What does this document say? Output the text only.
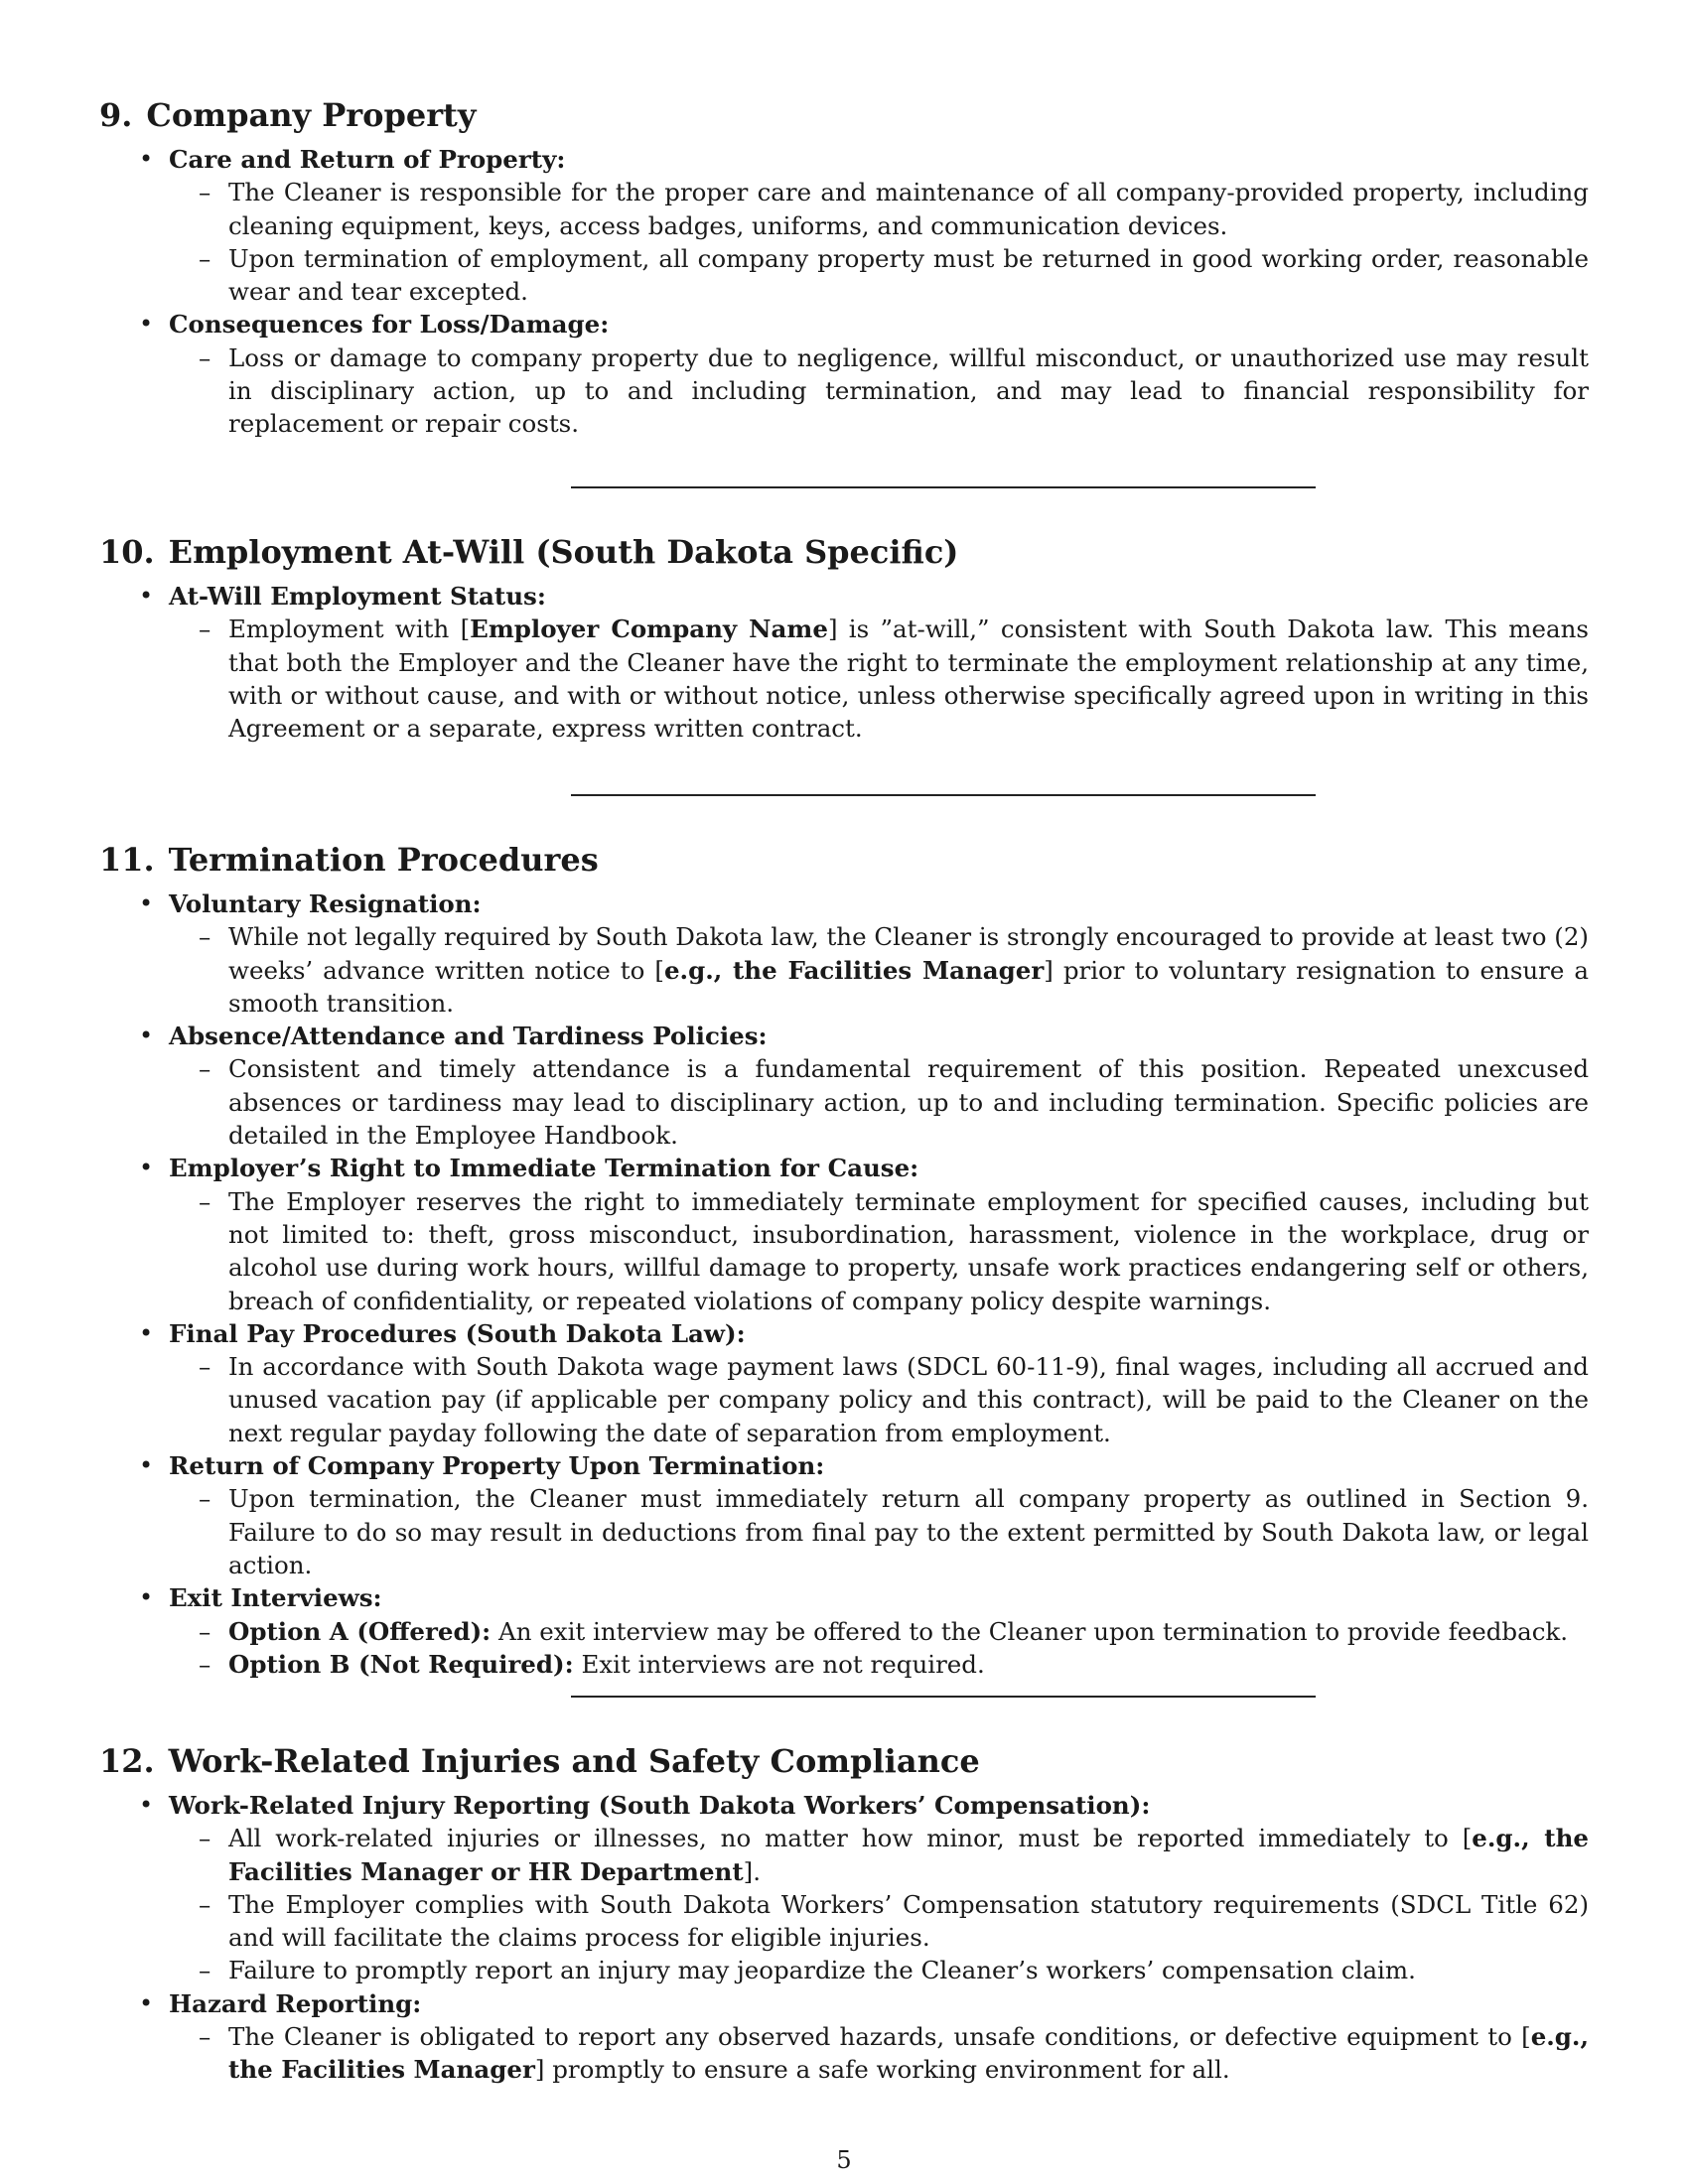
9. Company Property
• Care and Return of Property:
– The Cleaner is responsible for the proper care and maintenance of all company-provided property, including cleaning equipment, keys, access badges, uniforms, and communication devices.
– Upon termination of employment, all company property must be returned in good working order, reasonable wear and tear excepted.
• Consequences for Loss/Damage:
– Loss or damage to company property due to negligence, willful misconduct, or unauthorized use may result in disciplinary action, up to and including termination, and may lead to financial responsibility for replacement or repair costs.
10. Employment At-Will (South Dakota Specific)
• At-Will Employment Status:
– Employment with [Employer Company Name] is ”at-will,” consistent with South Dakota law. This means that both the Employer and the Cleaner have the right to terminate the employment relationship at any time, with or without cause, and with or without notice, unless otherwise specifically agreed upon in writing in this Agreement or a separate, express written contract.
11. Termination Procedures
• Voluntary Resignation:
– While not legally required by South Dakota law, the Cleaner is strongly encouraged to provide at least two (2) weeks’ advance written notice to [e.g., the Facilities Manager] prior to voluntary resignation to ensure a smooth transition.
• Absence/Attendance and Tardiness Policies:
– Consistent and timely attendance is a fundamental requirement of this position. Repeated unexcused absences or tardiness may lead to disciplinary action, up to and including termination. Specific policies are detailed in the Employee Handbook.
• Employer’s Right to Immediate Termination for Cause:
– The Employer reserves the right to immediately terminate employment for specified causes, including but not limited to: theft, gross misconduct, insubordination, harassment, violence in the workplace, drug or alcohol use during work hours, willful damage to property, unsafe work practices endangering self or others, breach of confidentiality, or repeated violations of company policy despite warnings.
• Final Pay Procedures (South Dakota Law):
– In accordance with South Dakota wage payment laws (SDCL 60-11-9), final wages, including all accrued and unused vacation pay (if applicable per company policy and this contract), will be paid to the Cleaner on the next regular payday following the date of separation from employment.
• Return of Company Property Upon Termination:
– Upon termination, the Cleaner must immediately return all company property as outlined in Section 9. Failure to do so may result in deductions from final pay to the extent permitted by South Dakota law, or legal action.
• Exit Interviews:
– Option A (Offered): An exit interview may be offered to the Cleaner upon termination to provide feedback.
– Option B (Not Required): Exit interviews are not required.
12. Work-Related Injuries and Safety Compliance
• Work-Related Injury Reporting (South Dakota Workers’ Compensation):
– All work-related injuries or illnesses, no matter how minor, must be reported immediately to [e.g., the Facilities Manager or HR Department].
– The Employer complies with South Dakota Workers’ Compensation statutory requirements (SDCL Title 62) and will facilitate the claims process for eligible injuries.
– Failure to promptly report an injury may jeopardize the Cleaner’s workers’ compensation claim.
• Hazard Reporting:
– The Cleaner is obligated to report any observed hazards, unsafe conditions, or defective equipment to [e.g., the Facilities Manager] promptly to ensure a safe working environment for all.
5
